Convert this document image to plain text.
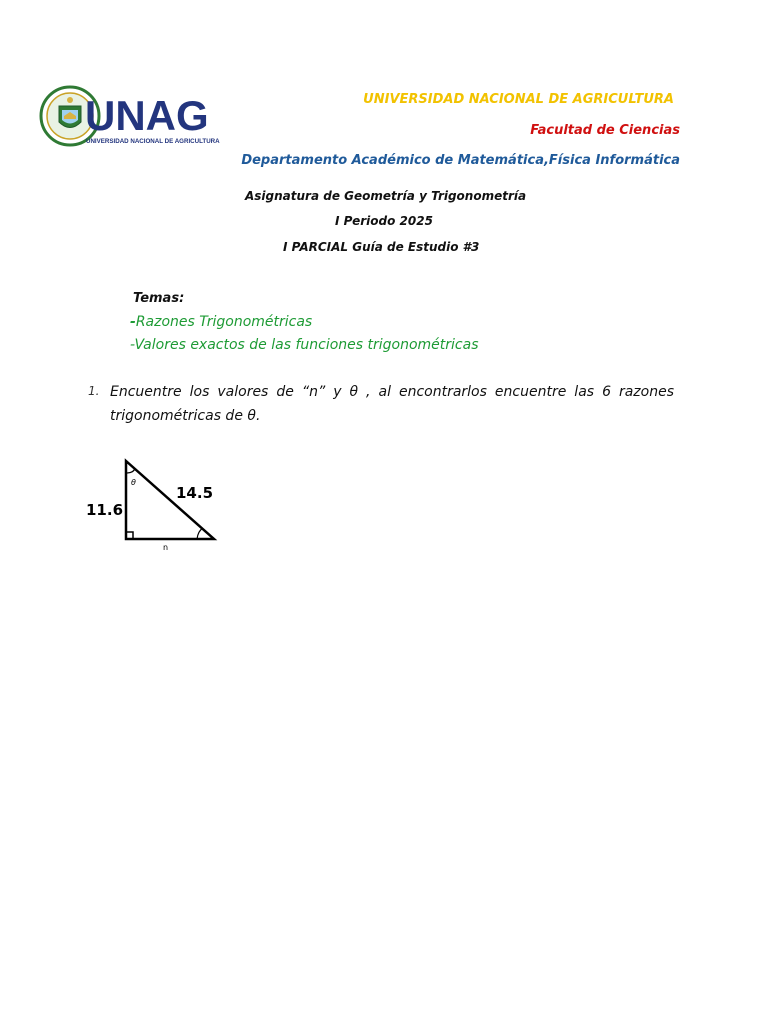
UNAG
UNIVERSIDAD NACIONAL DE AGRICULTURA
UNIVERSIDAD NACIONAL DE AGRICULTURA
Facultad de Ciencias
Departamento Académico de Matemática,Física Informática
Asignatura de Geometría y Trigonometría
I Periodo 2025
I PARCIAL Guía de Estudio #3
Temas:
-Razones Trigonométricas
-Valores exactos de las funciones trigonométricas
1. Encuentre los valores de “n” y θ , al encontrarlos encuentre las 6 razones trigonométricas de θ.
θ
11.6
14.5
n
